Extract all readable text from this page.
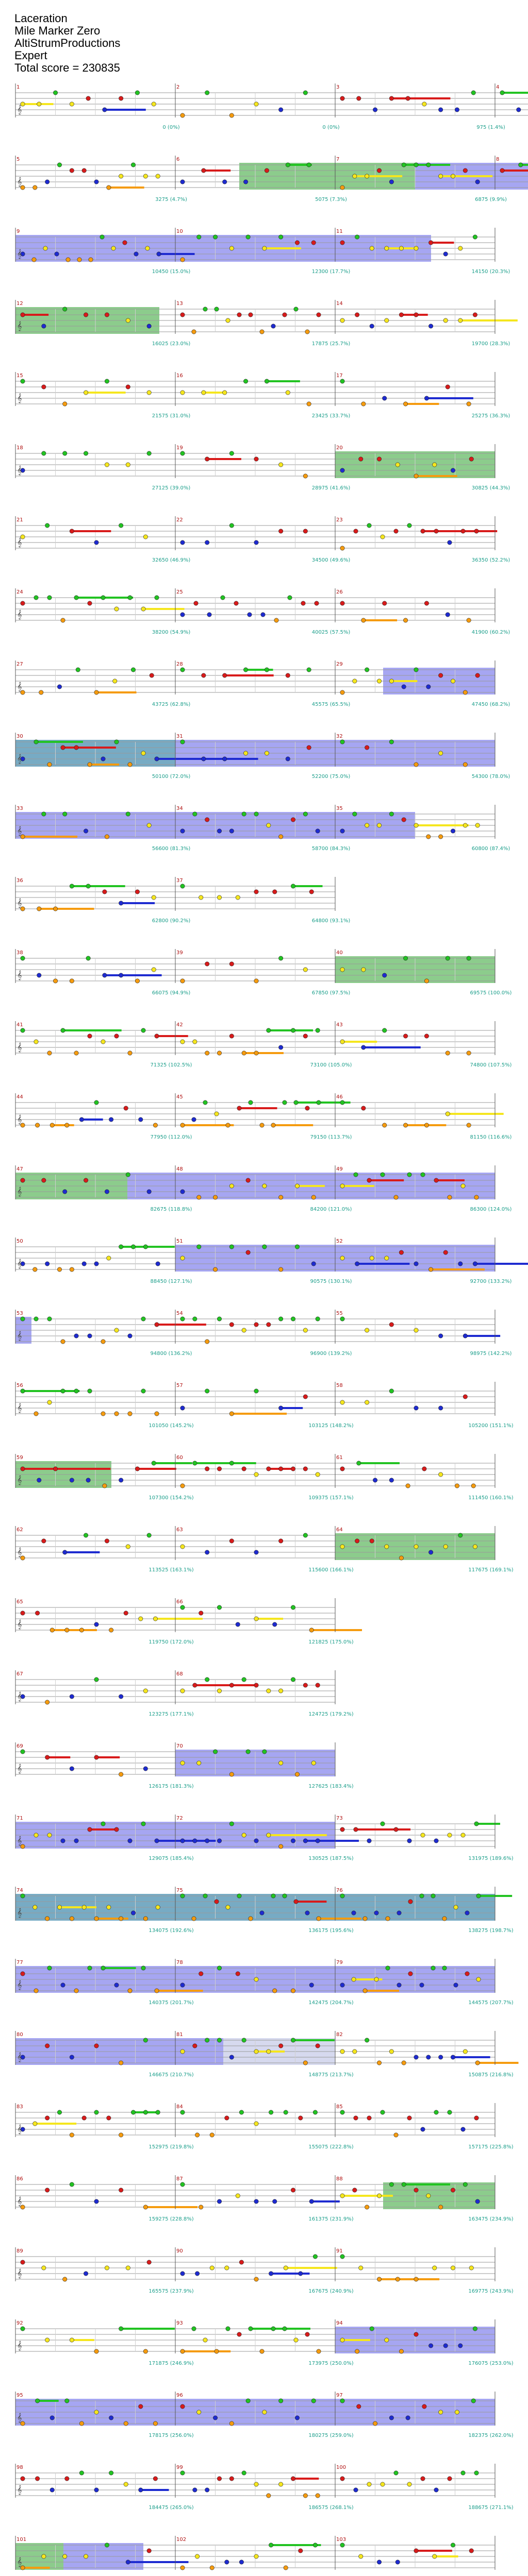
Laceration
Mile Marker Zero
AltiStrumProductions
Expert
Total score = 230835
1
0 (0%)
2
0 (0%)
3
975 (1.4%)
4
𝄞
5
3275 (4.7%)
6
5075 (7.3%)
7
6875 (9.9%)
8
𝄞
9
10450 (15.0%)
10
12300 (17.7%)
11
14150 (20.3%)
𝄞
12
16025 (23.0%)
13
17875 (25.7%)
14
19700 (28.3%)
𝄞
15
21575 (31.0%)
16
23425 (33.7%)
17
25275 (36.3%)
𝄞
18
27125 (39.0%)
19
28975 (41.6%)
20
30825 (44.3%)
𝄞
21
32650 (46.9%)
22
34500 (49.6%)
23
36350 (52.2%)
𝄞
24
38200 (54.9%)
25
40025 (57.5%)
26
41900 (60.2%)
𝄞
27
43725 (62.8%)
28
45575 (65.5%)
29
47450 (68.2%)
𝄞
30
50100 (72.0%)
31
52200 (75.0%)
32
54300 (78.0%)
𝄞
33
56600 (81.3%)
34
58700 (84.3%)
35
60800 (87.4%)
𝄞
36
62800 (90.2%)
37
64800 (93.1%)
𝄞
38
66075 (94.9%)
39
67850 (97.5%)
40
69575 (100.0%)
𝄞
41
71325 (102.5%)
42
73100 (105.0%)
43
74800 (107.5%)
𝄞
44
77950 (112.0%)
45
79150 (113.7%)
46
81150 (116.6%)
𝄞
47
82675 (118.8%)
48
84200 (121.0%)
49
86300 (124.0%)
𝄞
50
88450 (127.1%)
51
90575 (130.1%)
52
92700 (133.2%)
𝄞
53
94800 (136.2%)
54
96900 (139.2%)
55
98975 (142.2%)
𝄞
56
101050 (145.2%)
57
103125 (148.2%)
58
105200 (151.1%)
𝄞
59
107300 (154.2%)
60
109375 (157.1%)
61
111450 (160.1%)
𝄞
62
113525 (163.1%)
63
115600 (166.1%)
64
117675 (169.1%)
𝄞
65
119750 (172.0%)
66
121825 (175.0%)
𝄞
67
123275 (177.1%)
68
124725 (179.2%)
𝄞
69
126175 (181.3%)
70
127625 (183.4%)
𝄞
71
129075 (185.4%)
72
130525 (187.5%)
73
131975 (189.6%)
𝄞
74
134075 (192.6%)
75
136175 (195.6%)
76
138275 (198.7%)
𝄞
77
140375 (201.7%)
78
142475 (204.7%)
79
144575 (207.7%)
𝄞
80
146675 (210.7%)
81
148775 (213.7%)
82
150875 (216.8%)
𝄞
83
152975 (219.8%)
84
155075 (222.8%)
85
157175 (225.8%)
𝄞
86
159275 (228.8%)
87
161375 (231.9%)
88
163475 (234.9%)
𝄞
89
165575 (237.9%)
90
167675 (240.9%)
91
169775 (243.9%)
𝄞
92
171875 (246.9%)
93
173975 (250.0%)
94
176075 (253.0%)
𝄞
95
178175 (256.0%)
96
180275 (259.0%)
97
182375 (262.0%)
𝄞
98
184475 (265.0%)
99
186575 (268.1%)
100
188675 (271.1%)
𝄞
101	102	103
𝄞
